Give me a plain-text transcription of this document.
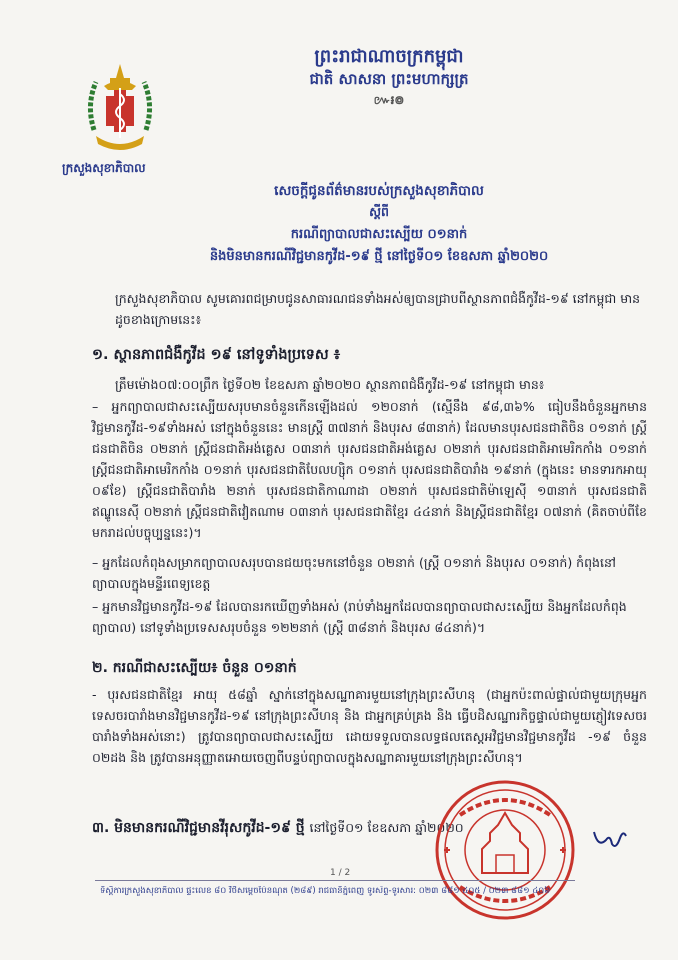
ក្រសួងសុខាភិបាល
ព្រះរាជាណាចក្រកម្ពុជា
ជាតិ សាសនា ព្រះមហាក្សត្រ
៚៛៙
សេចក្តីជូនព័ត៌មានរបស់ក្រសួងសុខាភិបាល
ស្តីពី
ករណីព្យាបាលជាសះស្បើយ ០១នាក់
និងមិនមានករណីវិជ្ជមានកូវីដ-១៩ ថ្មី នៅថ្ងៃទី០១ ខែឧសភា ឆ្នាំ២០២០
ក្រសួងសុខាភិបាល សូមគោរពជម្រាបជូនសាធារណជនទាំងអស់ឲ្យបានជ្រាបពីស្ថានភាពជំងឺកូវីដ-១៩ នៅកម្ពុជា មានដូចខាងក្រោមនេះ៖
១. ស្ថានភាពជំងឺកូវីដ ១៩ នៅទូទាំងប្រទេស ៖
ត្រឹមម៉ោង០៧:០០ព្រឹក ថ្ងៃទី០២ ខែឧសភា ឆ្នាំ២០២០ ស្ថានភាពជំងឺកូវីដ-១៩ នៅកម្ពុជា មាន៖
– អ្នកព្យាបាលជាសះស្បើយសរុបមានចំនួនកើនឡើងដល់ ១២០នាក់ (ស្មើនឹង ៩៨,៣៦% ធៀបនឹងចំនួនអ្នកមានវិជ្ជមានកូវីដ-១៩ទាំងអស់ នៅក្នុងចំនួននេះ មានស្ត្រី ៣៧នាក់ និងបុរស ៨៣នាក់) ដែលមានបុរសជនជាតិចិន ០១នាក់ ស្ត្រីជនជាតិចិន ០២នាក់ ស្ត្រីជនជាតិអង់គ្លេស ០៣នាក់ បុរសជនជាតិអង់គ្លេស ០២នាក់ បុរសជនជាតិអាមេរិកកាំង ០១នាក់ ស្ត្រីជនជាតិអាមេរិកកាំង ០១នាក់ បុរសជនជាតិបែលហ្ស៊ិក ០១នាក់ បុរសជនជាតិបារាំង ១៩នាក់ (ក្នុងនេះ មានទារកអាយុ ០៩ខែ) ស្ត្រីជនជាតិបារាំង ២នាក់ បុរសជនជាតិកាណាដា ០២នាក់ បុរសជនជាតិម៉ាឡេស៊ី ១៣នាក់ បុរសជនជាតិឥណ្ឌូនេស៊ី ០២នាក់ ស្ត្រីជនជាតិវៀតណាម ០៣នាក់ បុរសជនជាតិខ្មែរ ៤៤នាក់ និងស្ត្រីជនជាតិខ្មែរ ០៧នាក់ (គិតចាប់ពីខែមករាដល់បច្ចុប្បន្ននេះ)។
– អ្នកដែលកំពុងសម្រាកព្យាបាលសរុបបានជយចុះមកនៅចំនួន ០២នាក់ (ស្ត្រី ០១នាក់ និងបុរស ០១នាក់) កំពុងនៅព្យាបាលក្នុងមន្ទីរពេទ្យខេត្ត
– អ្នកមានវិជ្ជមានកូវីដ-១៩ ដែលបានរកឃើញទាំងអស់ (រាប់ទាំងអ្នកដែលបានព្យាបាលជាសះស្បើយ និងអ្នកដែលកំពុងព្យាបាល) នៅទូទាំងប្រទេសសរុបចំនួន ១២២នាក់ (ស្ត្រី ៣៨នាក់ និងបុរស ៨៤នាក់)។
២. ករណីជាសះស្បើយ៖ ចំនួន ០១នាក់
- បុរសជនជាតិខ្មែរ អាយុ ៥៨ឆ្នាំ ស្នាក់នៅក្នុងសណ្ឋាគារមួយនៅក្រុងព្រះសីហនុ (ជាអ្នកប៉ះពាល់ផ្ទាល់ជាមួយក្រុមអ្នកទេសចរបារាំងមានវិជ្ជមានកូវីដ-១៩ នៅក្រុងព្រះសីហនុ និង ជាអ្នកគ្រប់គ្រង និង ធ្វើបដិសណ្ឋារកិច្ចផ្ទាល់ជាមួយភ្ញៀវទេសចរបារាំងទាំងអស់នោះ) ត្រូវបានព្យាបាលជាសះស្បើយ ដោយទទួលបានលទ្ធផលតេស្តអវិជ្ជមានវិជ្ជមានកូវីដ -១៩ ចំនួន ០២ដង និង ត្រូវបានអនុញ្ញាតអោយចេញពីបន្ទប់ព្យាបាលក្នុងសណ្ឋាគារមួយនៅក្រុងព្រះសីហនុ។
៣. មិនមានករណីវិជ្ជមានវីរុសកូវីដ-១៩ ថ្មី នៅថ្ងៃទី០១ ខែឧសភា ឆ្នាំ២០២០
1 / 2
ទីស្តីការក្រសួងសុខាភិបាល ផ្ទះលេខ ៨០ វិថីសម្តេចប៉ែនណុត (២៨៩) រាជធានីភ្នំពេញ ទូរស័ព្ទ-ទូរសារ: ០២៣ ៨៨១ ៤០៥ / ០២៣ ៨៨១ ៤០៦
